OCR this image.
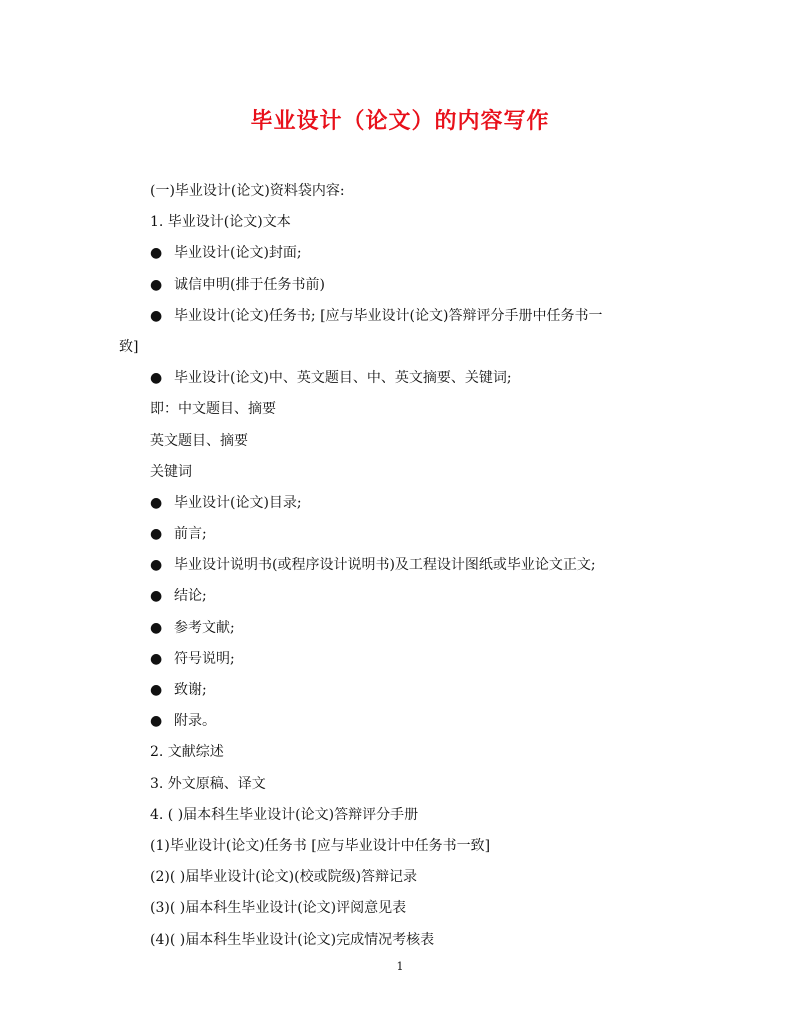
毕业设计（论文）的内容写作
(一)毕业设计(论文)资料袋内容:
1. 毕业设计(论文)文本
● 毕业设计(论文)封面;
● 诚信申明(排于任务书前)
● 毕业设计(论文)任务书; [应与毕业设计(论文)答辩评分手册中任务书一
致]
● 毕业设计(论文)中、英文题目、中、英文摘要、关键词;
即：中文题目、摘要
英文题目、摘要
关键词
● 毕业设计(论文)目录;
● 前言;
● 毕业设计说明书(或程序设计说明书)及工程设计图纸或毕业论文正文;
● 结论;
● 参考文献;
● 符号说明;
● 致谢;
● 附录。
2. 文献综述
3. 外文原稿、译文
4. ( )届本科生毕业设计(论文)答辩评分手册
(1)毕业设计(论文)任务书 [应与毕业设计中任务书一致]
(2)( )届毕业设计(论文)(校或院级)答辩记录
(3)( )届本科生毕业设计(论文)评阅意见表
(4)( )届本科生毕业设计(论文)完成情况考核表
1
